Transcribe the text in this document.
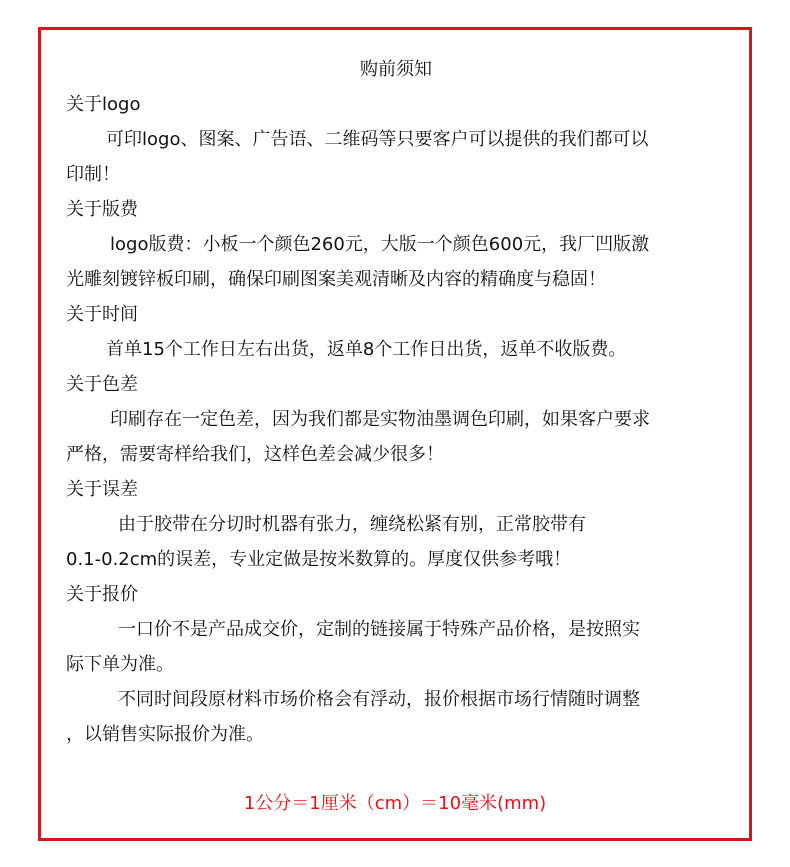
购前须知
关于logo
可印logo、图案、广告语、二维码等只要客户可以提供的我们都可以
印制！
关于版费
logo版费：小板一个颜色260元，大版一个颜色600元，我厂凹版激
光雕刻镀锌板印刷，确保印刷图案美观清晰及内容的精确度与稳固！
关于时间
首单15个工作日左右出货，返单8个工作日出货，返单不收版费。
关于色差
印刷存在一定色差，因为我们都是实物油墨调色印刷，如果客户要求
严格，需要寄样给我们，这样色差会减少很多！
关于误差
由于胶带在分切时机器有张力，缠绕松紧有别，正常胶带有
0.1-0.2cm的误差，专业定做是按米数算的。厚度仅供参考哦！
关于报价
一口价不是产品成交价，定制的链接属于特殊产品价格，是按照实
际下单为准。
不同时间段原材料市场价格会有浮动，报价根据市场行情随时调整
，以销售实际报价为准。
1公分＝1厘米（cm）＝10毫米(mm)
